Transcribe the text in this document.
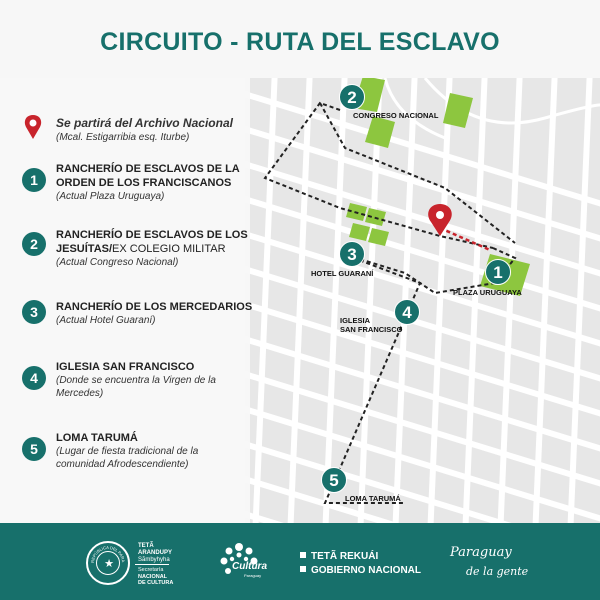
2
CONGRESO NACIONAL
3
HOTEL GUARANÍ	1
PLAZA URUGUAYA
4
IGLESIA
SAN FRANCISCO
5
LOMA TARUMÁ
CIRCUITO - RUTA DEL ESCLAVO
Se partirá del Archivo Nacional
(Mcal. Estigarribia esq. Iturbe)
1
RANCHERÍO DE ESCLAVOS DE LA ORDEN DE LOS FRANCISCANOS
(Actual Plaza Uruguaya)
2
RANCHERÍO DE ESCLAVOS DE LOS JESUÍTAS/EX COLEGIO MILITAR
(Actual Congreso Nacional)
3	RANCHERÍO DE LOS MERCEDARIOS
(Actual Hotel Guaraní)
4
IGLESIA SAN FRANCISCO
(Donde se encuentra la Virgen de la Mercedes)
5
LOMA TARUMÁ
(Lugar de fiesta tradicional de la comunidad Afrodescendiente)
REPÚBLICA DEL PARA
★
TETÃ
ARANDUPY
Sãmbyhyha
Secretaría
NACIONAL
DE CULTURA
Cultura
Paraguay
TETÃ REKUÁI
GOBIERNO NACIONAL
Paraguay
de la gente
